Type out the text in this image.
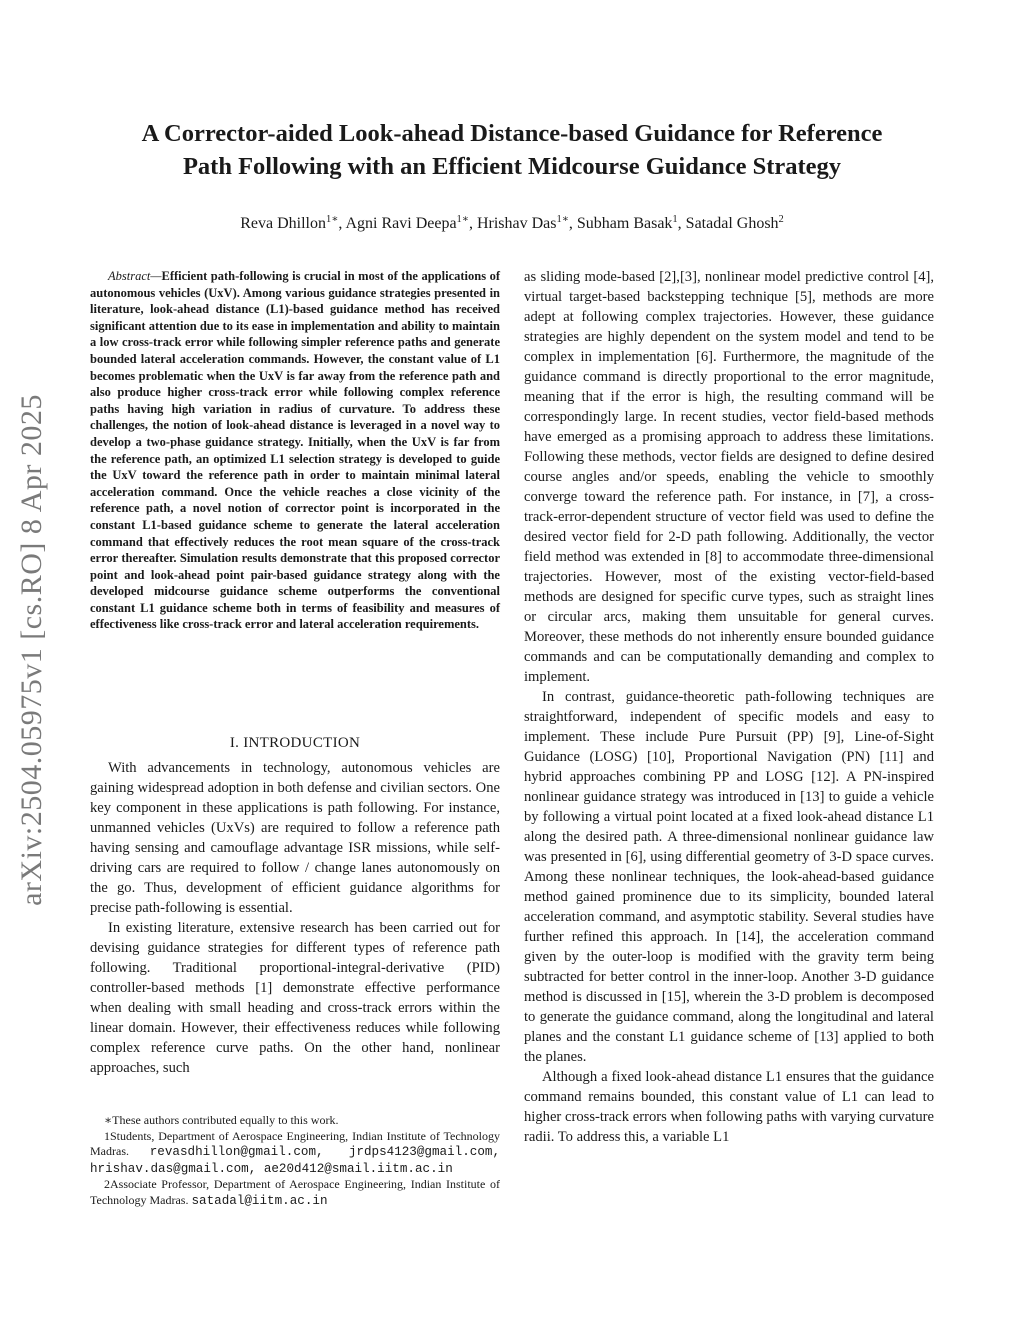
arXiv:2504.05975v1 [cs.RO] 8 Apr 2025
A Corrector-aided Look-ahead Distance-based Guidance for Reference
Path Following with an Efficient Midcourse Guidance Strategy
Reva Dhillon$^{1∗}$, Agni Ravi Deepa$^{1∗}$, Hrishav Das$^{1∗}$, Subham Basak$^1$, Satadal Ghosh$^2$
Abstract—Efficient path-following is crucial in most of the applications of autonomous vehicles (UxV). Among various guidance strategies presented in literature, look-ahead distance (L1)-based guidance method has received significant attention due to its ease in implementation and ability to maintain a low cross-track error while following simpler reference paths and generate bounded lateral acceleration commands. However, the constant value of L1 becomes problematic when the UxV is far away from the reference path and also produce higher cross-track error while following complex reference paths having high variation in radius of curvature. To address these challenges, the notion of look-ahead distance is leveraged in a novel way to develop a two-phase guidance strategy. Initially, when the UxV is far from the reference path, an optimized L1 selection strategy is developed to guide the UxV toward the reference path in order to maintain minimal lateral acceleration command. Once the vehicle reaches a close vicinity of the reference path, a novel notion of corrector point is incorporated in the constant L1-based guidance scheme to generate the lateral acceleration command that effectively reduces the root mean square of the cross-track error thereafter. Simulation results demonstrate that this proposed corrector point and look-ahead point pair-based guidance strategy along with the developed midcourse guidance scheme outperforms the conventional constant L1 guidance scheme both in terms of feasibility and measures of effectiveness like cross-track error and lateral acceleration requirements.
I. INTRODUCTION

With advancements in technology, autonomous vehicles are gaining widespread adoption in both defense and civilian sectors. One key component in these applications is path following. For instance, unmanned vehicles (UxVs) are required to follow a reference path having sensing and camouflage advantage ISR missions, while self-driving cars are required to follow / change lanes autonomously on the go. Thus, development of efficient guidance algorithms for precise path-following is essential.

In existing literature, extensive research has been carried out for devising guidance strategies for different types of reference path following. Traditional proportional-integral-derivative (PID) controller-based methods [1] demonstrate effective performance when dealing with small heading and cross-track errors within the linear domain. However, their effectiveness reduces while following complex reference curve paths. On the other hand, nonlinear approaches, such

∗These authors contributed equally to this work.

1Students, Department of Aerospace Engineering, Indian Institute of Technology Madras. revasdhillon@gmail.com, jrdps4123@gmail.com, hrishav.das@gmail.com, ae20d412@smail.iitm.ac.in

2Associate Professor, Department of Aerospace Engineering, Indian Institute of Technology Madras. satadal@iitm.ac.in

as sliding mode-based [2],[3], nonlinear model predictive control [4], virtual target-based backstepping technique [5], methods are more adept at following complex trajectories. However, these guidance strategies are highly dependent on the system model and tend to be complex in implementation [6]. Furthermore, the magnitude of the guidance command is directly proportional to the error magnitude, meaning that if the error is high, the resulting command will be correspondingly large. In recent studies, vector field-based methods have emerged as a promising approach to address these limitations. Following these methods, vector fields are designed to define desired course angles and/or speeds, enabling the vehicle to smoothly converge toward the reference path. For instance, in [7], a cross-track-error-dependent structure of vector field was used to define the desired vector field for 2-D path following. Additionally, the vector field method was extended in [8] to accommodate three-dimensional trajectories. However, most of the existing vector-field-based methods are designed for specific curve types, such as straight lines or circular arcs, making them unsuitable for general curves. Moreover, these methods do not inherently ensure bounded guidance commands and can be computationally demanding and complex to implement.

In contrast, guidance-theoretic path-following techniques are straightforward, independent of specific models and easy to implement. These include Pure Pursuit (PP) [9], Line-of-Sight Guidance (LOSG) [10], Proportional Navigation (PN) [11] and hybrid approaches combining PP and LOSG [12]. A PN-inspired nonlinear guidance strategy was introduced in [13] to guide a vehicle by following a virtual point located at a fixed look-ahead distance L1 along the desired path. A three-dimensional nonlinear guidance law was presented in [6], using differential geometry of 3-D space curves. Among these nonlinear techniques, the look-ahead-based guidance method gained prominence due to its simplicity, bounded lateral acceleration command, and asymptotic stability. Several studies have further refined this approach. In [14], the acceleration command given by the outer-loop is modified with the gravity term being subtracted for better control in the inner-loop. Another 3-D guidance method is discussed in [15], wherein the 3-D problem is decomposed to generate the guidance command, along the longitudinal and lateral planes and the constant L1 guidance scheme of [13] applied to both the planes.

Although a fixed look-ahead distance L1 ensures that the guidance command remains bounded, this constant value of L1 can lead to higher cross-track errors when following paths with varying curvature radii. To address this, a variable L1
